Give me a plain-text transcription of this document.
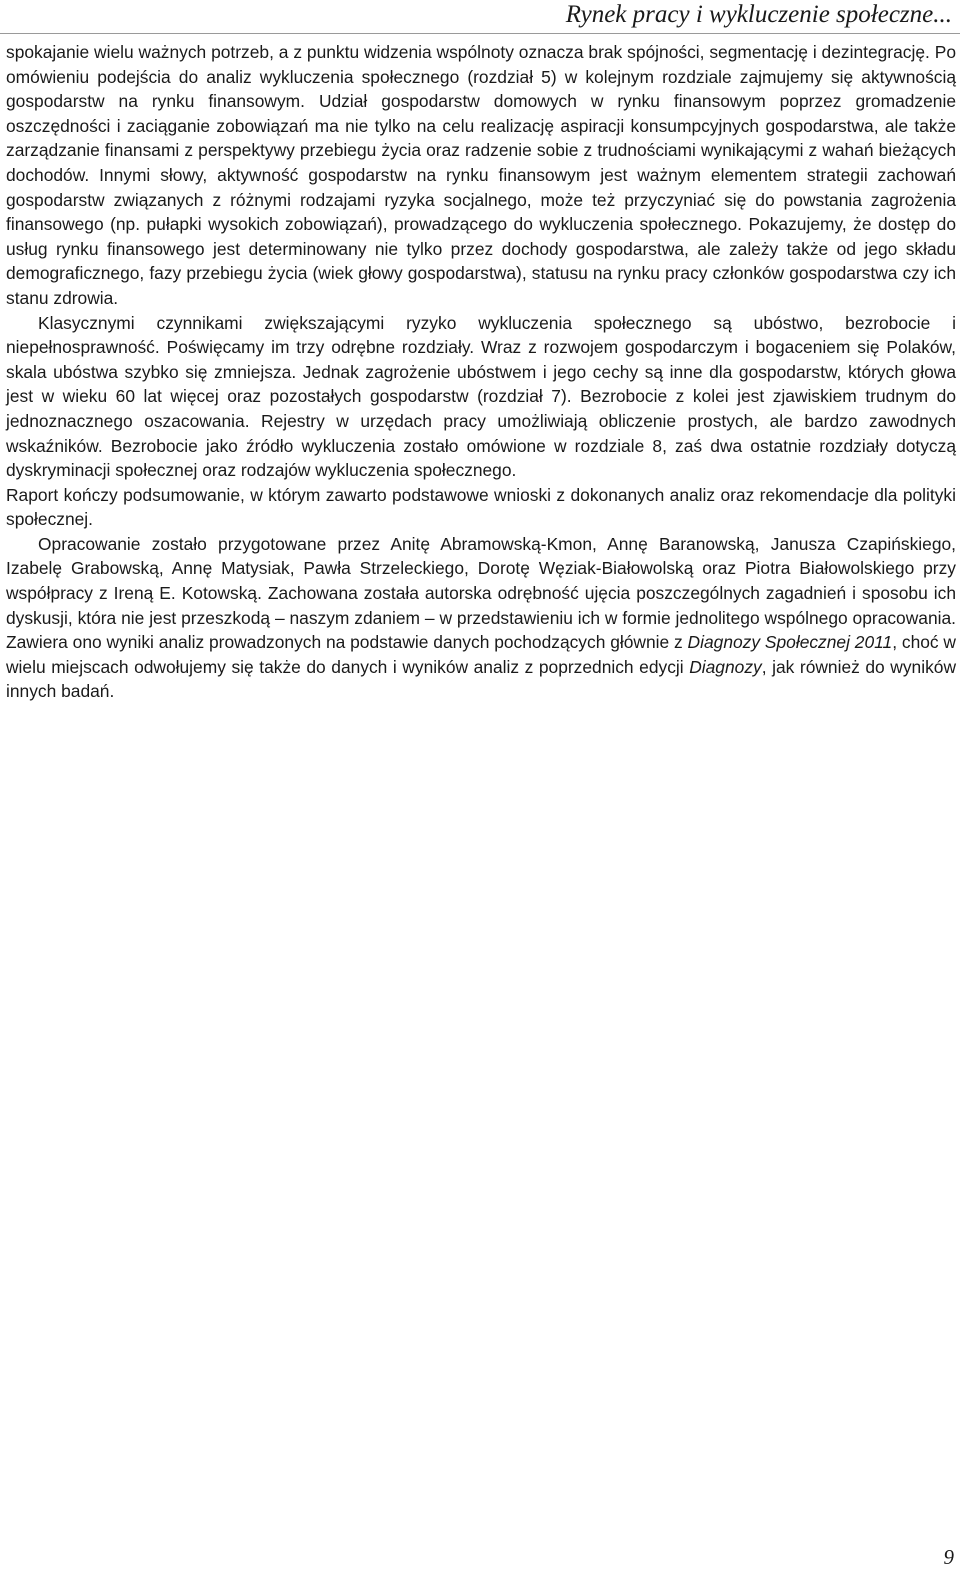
Rynek pracy i wykluczenie społeczne...

spokajanie wielu ważnych potrzeb, a z punktu widzenia wspólnoty oznacza brak spójności, segmentację i dezintegrację. Po omówieniu podejścia do analiz wykluczenia społecznego (rozdział 5) w kolejnym rozdziale zajmujemy się aktywnością gospodarstw na rynku finansowym. Udział gospodarstw domowych w rynku finansowym poprzez gromadzenie oszczędności i zaciąganie zobowiązań ma nie tylko na celu realizację aspiracji konsumpcyjnych gospodarstwa, ale także zarządzanie finansami z perspektywy przebiegu życia oraz radzenie sobie z trudnościami wynikającymi z wahań bieżących dochodów. Innymi słowy, aktywność gospodarstw na rynku finansowym jest ważnym elementem strategii zachowań gospodarstw związanych z różnymi rodzajami ryzyka socjalnego, może też przyczyniać się do powstania zagrożenia finansowego (np. pułapki wysokich zobowiązań), prowadzącego do wykluczenia społecznego. Pokazujemy, że dostęp do usług rynku finansowego jest determinowany nie tylko przez dochody gospodarstwa, ale zależy także od jego składu demograficznego, fazy przebiegu życia (wiek głowy gospodarstwa), statusu na rynku pracy członków gospodarstwa czy ich stanu zdrowia.

Klasycznymi czynnikami zwiększającymi ryzyko wykluczenia społecznego są ubóstwo, bezrobocie i niepełnosprawność. Poświęcamy im trzy odrębne rozdziały. Wraz z rozwojem gospodarczym i bogaceniem się Polaków, skala ubóstwa szybko się zmniejsza. Jednak zagrożenie ubóstwem i jego cechy są inne dla gospodarstw, których głowa jest w wieku 60 lat więcej oraz pozostałych gospodarstw (rozdział 7). Bezrobocie z kolei jest zjawiskiem trudnym do jednoznacznego oszacowania. Rejestry w urzędach pracy umożliwiają obliczenie prostych, ale bardzo zawodnych wskaźników. Bezrobocie jako źródło wykluczenia zostało omówione w rozdziale 8, zaś dwa ostatnie rozdziały dotyczą dyskryminacji społecznej oraz rodzajów wykluczenia społecznego.

Raport kończy podsumowanie, w którym zawarto podstawowe wnioski z dokonanych analiz oraz rekomendacje dla polityki społecznej.

Opracowanie zostało przygotowane przez Anitę Abramowską-Kmon, Annę Baranowską, Janusza Czapińskiego, Izabelę Grabowską, Annę Matysiak, Pawła Strzeleckiego, Dorotę Węziak-Białowolską oraz Piotra Białowolskiego przy współpracy z Ireną E. Kotowską. Zachowana została autorska odrębność ujęcia poszczególnych zagadnień i sposobu ich dyskusji, która nie jest przeszkodą – naszym zdaniem – w przedstawieniu ich w formie jednolitego wspólnego opracowania. Zawiera ono wyniki analiz prowadzonych na podstawie danych pochodzących głównie z Diagnozy Społecznej 2011, choć w wielu miejscach odwołujemy się także do danych i wyników analiz z poprzednich edycji Diagnozy, jak również do wyników innych badań.

9
